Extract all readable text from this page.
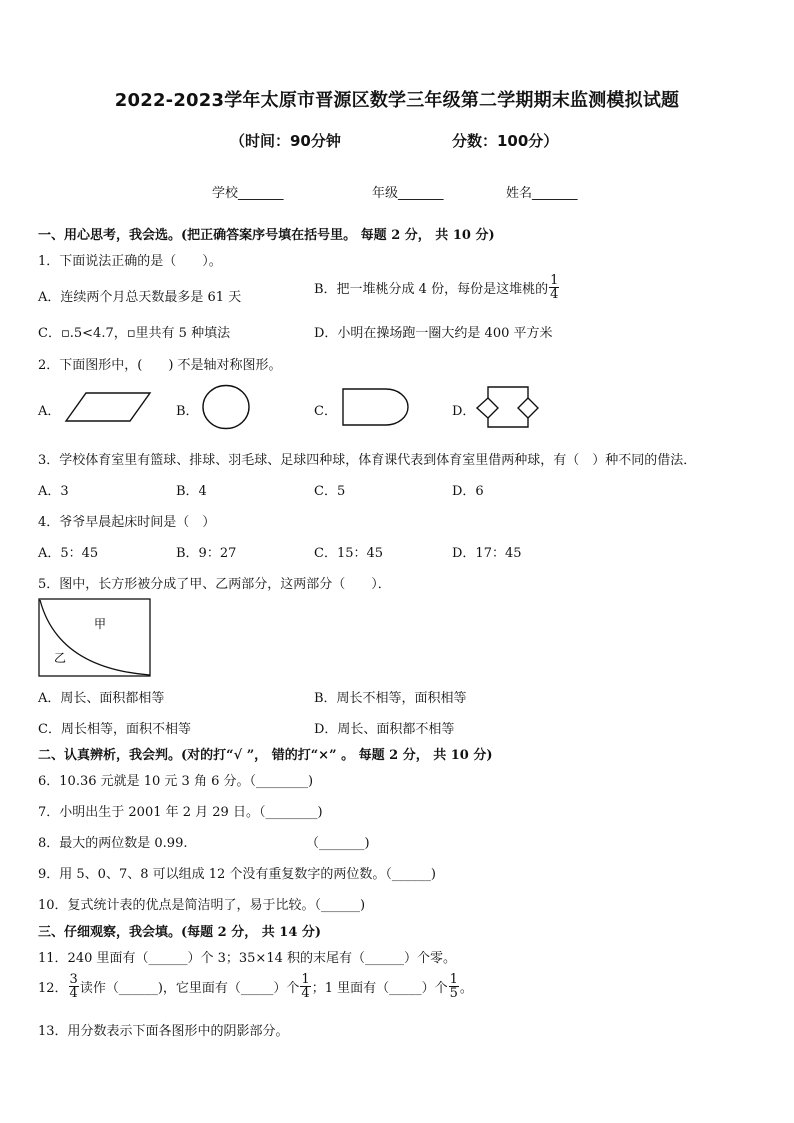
2022-2023学年太原市晋源区数学三年级第二学期期末监测模拟试题
（时间：90分钟	分数：100分）
学校_______	年级_______	姓名_______
一、用心思考，我会选。(把正确答案序号填在括号里。 每题 2 分， 共 10 分)
1．下面说法正确的是（　　）。
A．连续两个月总天数最多是 61 天
B．把一堆桃分成 4 份，每份是这堆桃的 $\frac{1}{4}$
C．▫.5<4.7，▫里共有 5 种填法	D．小明在操场跑一圈大约是 400 平方米
2．下面图形中，(　　) 不是轴对称图形。
A．	B．	C．	D．
3．学校体育室里有篮球、排球、羽毛球、足球四种球，体育课代表到体育室里借两种球，有（　）种不同的借法．
A．3	B．4	C．5	D．6
4．爷爷早晨起床时间是（　）
A．5：45	B．9：27	C．15：45	D．17：45
5．图中，长方形被分成了甲、乙两部分，这两部分（　　）．
甲
乙
A．周长、面积都相等	B．周长不相等，面积相等
C．周长相等，面积不相等	D．周长、面积都不相等
二、认真辨析，我会判。(对的打“√ ”， 错的打“×” 。 每题 2 分， 共 10 分)
6．10.36 元就是 10 元 3 角 6 分。（________)
7．小明出生于 2001 年 2 月 29 日。（________)
8．最大的两位数是 0.99.	（_______)
9．用 5、0、7、8 可以组成 12 个没有重复数字的两位数。（______)
10．复式统计表的优点是简洁明了，易于比较。（______)
三、仔细观察，我会填。(每题 2 分， 共 14 分)
11．240 里面有（______）个 3；35×14 积的末尾有（______）个零。
12． $\frac{3}{4}$ 读作（______)，它里面有（_____）个 $\frac{1}{4}$ ；1 里面有（_____）个 $\frac{1}{5}$ 。
13．用分数表示下面各图形中的阴影部分。
